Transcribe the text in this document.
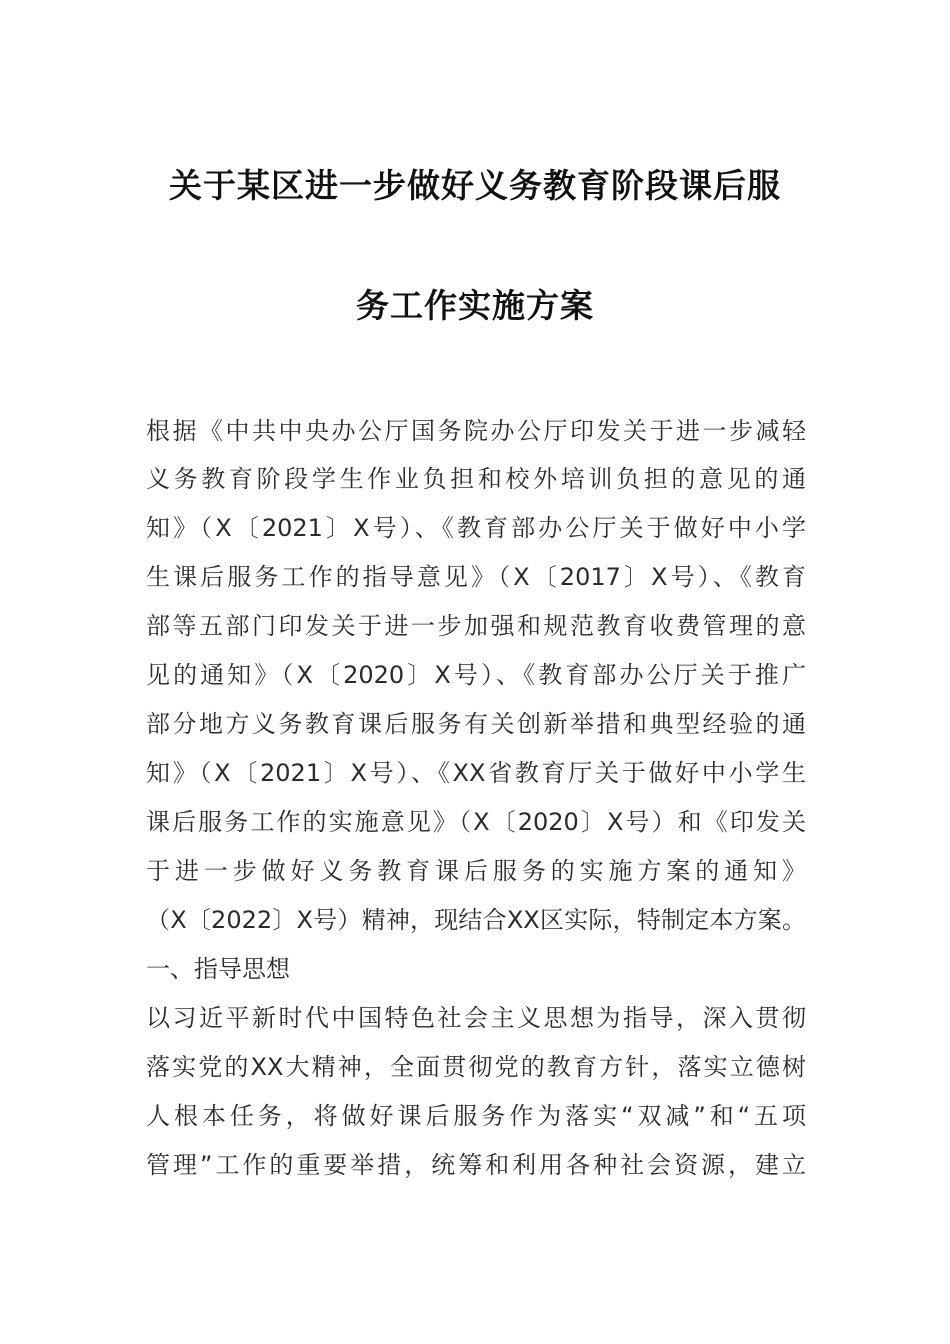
关于某区进一步做好义务教育阶段课后服
务工作实施方案
根据《中共中央办公厅国务院办公厅印发关于进一步减轻
义务教育阶段学生作业负担和校外培训负担的意见的通
知》（X〔2021〕X号）、《教育部办公厅关于做好中小学
生课后服务工作的指导意见》（X〔2017〕X号）、《教育
部等五部门印发关于进一步加强和规范教育收费管理的意
见的通知》（X〔2020〕X号）、《教育部办公厅关于推广
部分地方义务教育课后服务有关创新举措和典型经验的通
知》（X〔2021〕X号）、《XX省教育厅关于做好中小学生
课后服务工作的实施意见》（X〔2020〕X号）和《印发关
于进一步做好义务教育课后服务的实施方案的通知》
（X〔2022〕X号）精神，现结合XX区实际，特制定本方案。
一、指导思想
以习近平新时代中国特色社会主义思想为指导，深入贯彻
落实党的XX大精神，全面贯彻党的教育方针，落实立德树
人根本任务，将做好课后服务作为落实“双减”和“五项
管理”工作的重要举措，统筹和利用各种社会资源，建立
